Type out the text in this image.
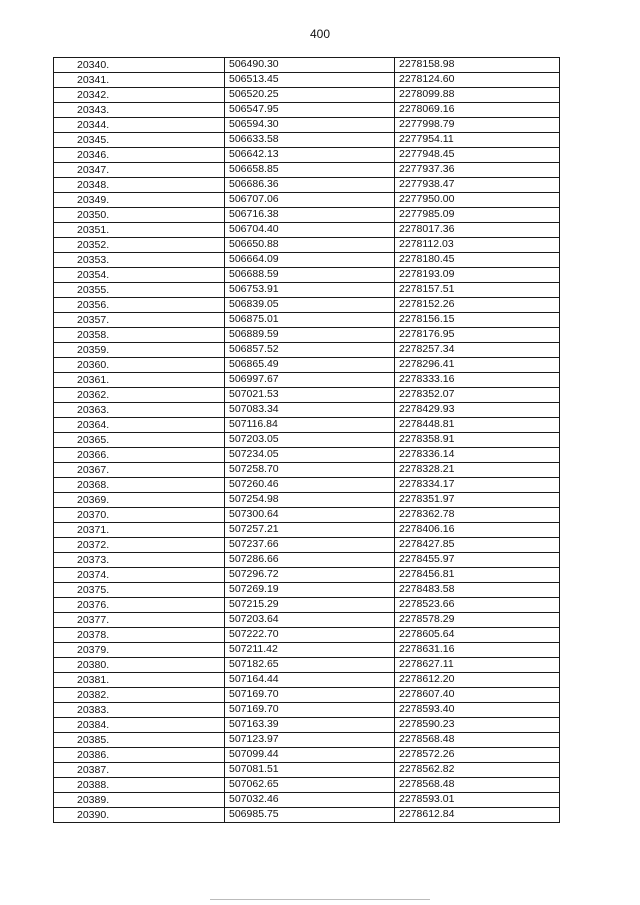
400
20340.	506490.30	2278158.98
20341.	506513.45	2278124.60
20342.	506520.25	2278099.88
20343.	506547.95	2278069.16
20344.	506594.30	2277998.79
20345.	506633.58	2277954.11
20346.	506642.13	2277948.45
20347.	506658.85	2277937.36
20348.	506686.36	2277938.47
20349.	506707.06	2277950.00
20350.	506716.38	2277985.09
20351.	506704.40	2278017.36
20352.	506650.88	2278112.03
20353.	506664.09	2278180.45
20354.	506688.59	2278193.09
20355.	506753.91	2278157.51
20356.	506839.05	2278152.26
20357.	506875.01	2278156.15
20358.	506889.59	2278176.95
20359.	506857.52	2278257.34
20360.	506865.49	2278296.41
20361.	506997.67	2278333.16
20362.	507021.53	2278352.07
20363.	507083.34	2278429.93
20364.	507116.84	2278448.81
20365.	507203.05	2278358.91
20366.	507234.05	2278336.14
20367.	507258.70	2278328.21
20368.	507260.46	2278334.17
20369.	507254.98	2278351.97
20370.	507300.64	2278362.78
20371.	507257.21	2278406.16
20372.	507237.66	2278427.85
20373.	507286.66	2278455.97
20374.	507296.72	2278456.81
20375.	507269.19	2278483.58
20376.	507215.29	2278523.66
20377.	507203.64	2278578.29
20378.	507222.70	2278605.64
20379.	507211.42	2278631.16
20380.	507182.65	2278627.11
20381.	507164.44	2278612.20
20382.	507169.70	2278607.40
20383.	507169.70	2278593.40
20384.	507163.39	2278590.23
20385.	507123.97	2278568.48
20386.	507099.44	2278572.26
20387.	507081.51	2278562.82
20388.	507062.65	2278568.48
20389.	507032.46	2278593.01
20390.	506985.75	2278612.84
